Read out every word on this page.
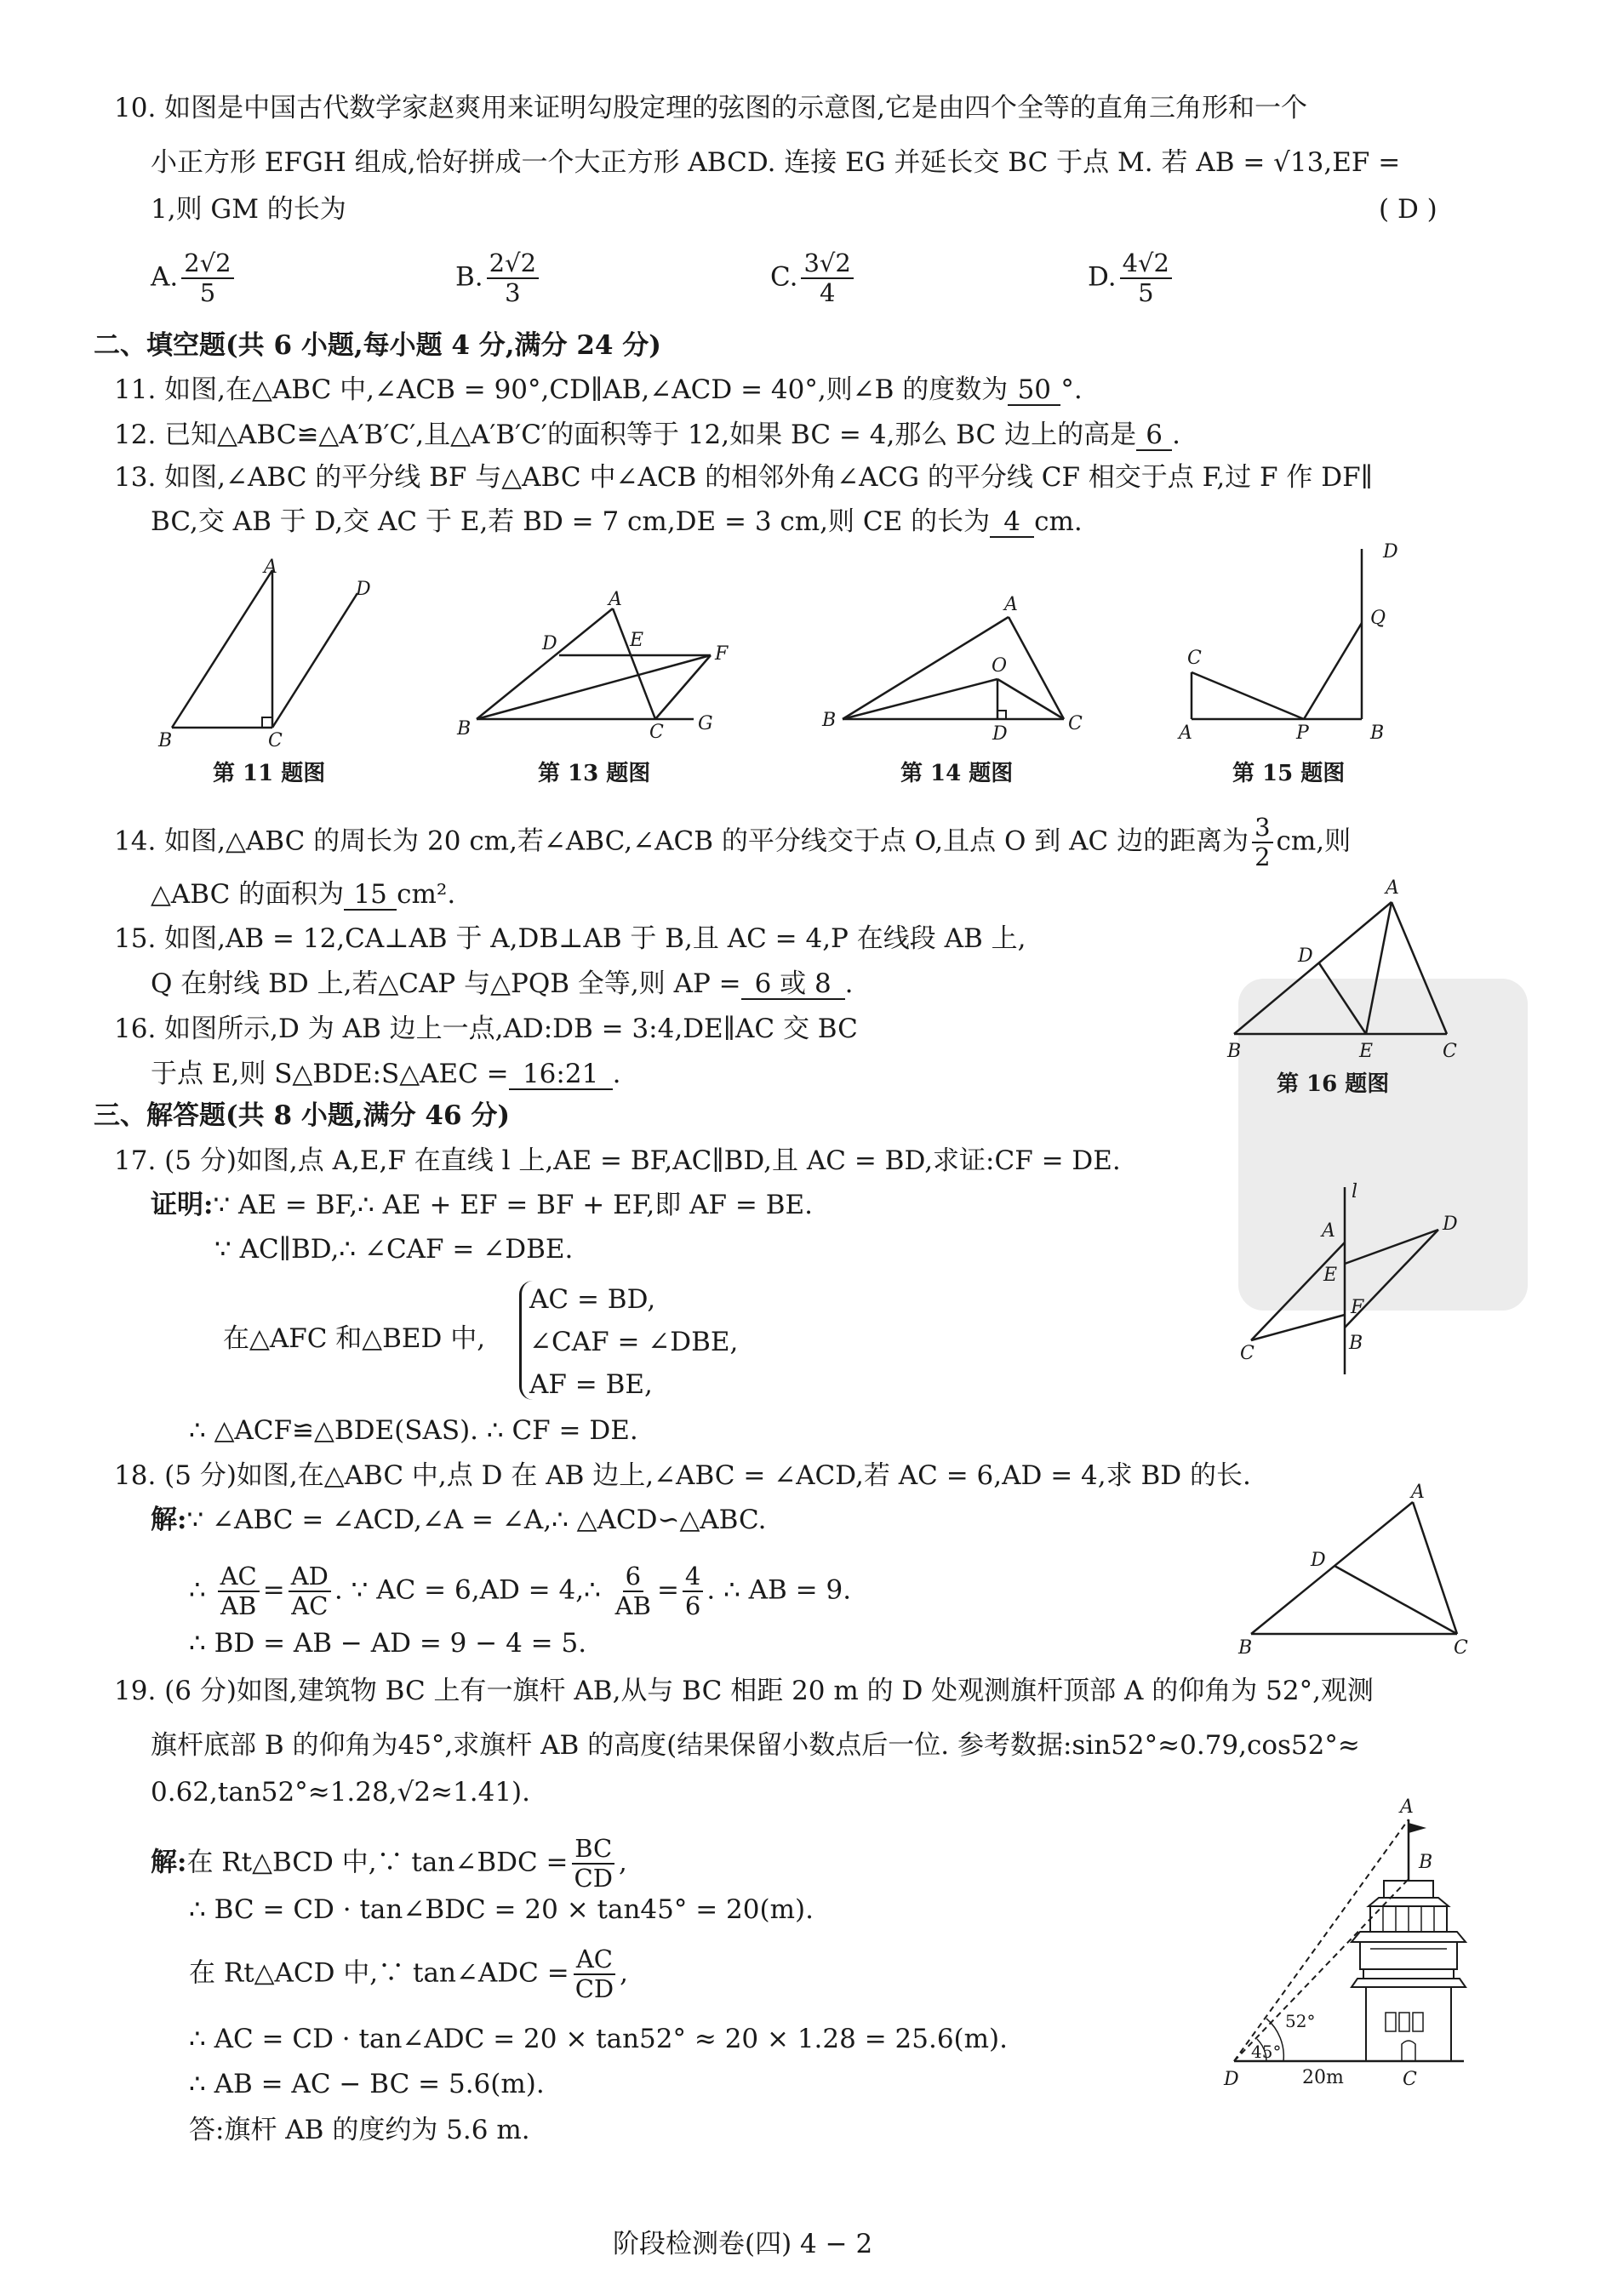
10. 如图是中国古代数学家赵爽用来证明勾股定理的弦图的示意图,它是由四个全等的直角三角形和一个
小正方形 EFGH 组成,恰好拼成一个大正方形 ABCD. 连接 EG 并延长交 BC 于点 M. 若 AB = √13,EF =
1,则 GM 的长为	( D )
A. $\frac{2√2}{5}$	B. $\frac{2√2}{3}$	C. $\frac{3√2}{4}$	D. $\frac{4√2}{5}$
二、填空题(共 6 小题,每小题 4 分,满分 24 分)
11. 如图,在△ABC 中,∠ACB = 90°,CD∥AB,∠ACD = 40°,则∠B 的度数为 50 °.
12. 已知△ABC≌△A′B′C′,且△A′B′C′的面积等于 12,如果 BC = 4,那么 BC 边上的高是 6 .
13. 如图,∠ABC 的平分线 BF 与△ABC 中∠ACB 的相邻外角∠ACG 的平分线 CF 相交于点 F,过 F 作 DF∥
BC,交 AB 于 D,交 AC 于 E,若 BD = 7 cm,DE = 3 cm,则 CE 的长为 4 cm.
A
D
B	C
第 11 题图
A
D	E
F
B	C G
第 13 题图
A
O
B	C
D
第 14 题图
D
Q
C
A	P	B
第 15 题图
14. 如图,△ABC 的周长为 20 cm,若∠ABC,∠ACB 的平分线交于点 O,且点 O 到 AC 边的距离为 $\frac{3}{2}$ cm,则
△ABC 的面积为 15 cm².
15. 如图,AB = 12,CA⊥AB 于 A,DB⊥AB 于 B,且 AC = 4,P 在线段 AB 上,
Q 在射线 BD 上,若△CAP 与△PQB 全等,则 AP = 6 或 8 .
16. 如图所示,D 为 AB 边上一点,AD:DB = 3:4,DE∥AC 交 BC
于点 E,则 S△BDE:S△AEC = 16:21 .
A
D
B	E	C
第 16 题图
三、解答题(共 8 小题,满分 46 分)
17. (5 分)如图,点 A,E,F 在直线 l 上,AE = BF,AC∥BD,且 AC = BD,求证:CF = DE.
证明:∵ AE = BF,∴ AE + EF = BF + EF,即 AF = BE.
∵ AC∥BD,∴ ∠CAF = ∠DBE.
在△AFC 和△BED 中,
AC = BD,
∠CAF = ∠DBE,
AF = BE,
∴ △ACF≌△BDE(SAS). ∴ CF = DE.
l
A	D
E
F
B
C
18. (5 分)如图,在△ABC 中,点 D 在 AB 边上,∠ABC = ∠ACD,若 AC = 6,AD = 4,求 BD 的长.
解:∵ ∠ABC = ∠ACD,∠A = ∠A,∴ △ACD∽△ABC.
∴ $\frac{AC}{AB} = \frac{AD}{AC}$ . ∵ AC = 6,AD = 4,∴ $\frac{6}{AB} = \frac{4}{6}$ . ∴ AB = 9.
∴ BD = AB − AD = 9 − 4 = 5.
A
D
B	C
19. (6 分)如图,建筑物 BC 上有一旗杆 AB,从与 BC 相距 20 m 的 D 处观测旗杆顶部 A 的仰角为 52°,观测
旗杆底部 B 的仰角为45°,求旗杆 AB 的高度(结果保留小数点后一位. 参考数据:sin52°≈0.79,cos52°≈
0.62,tan52°≈1.28,√2≈1.41).
解:在 Rt△BCD 中,∵ tan∠BDC = $\frac{BC}{CD}$ ,
∴ BC = CD · tan∠BDC = 20 × tan45° = 20(m).
在 Rt△ACD 中,∵ tan∠ADC = $\frac{AC}{CD}$ ,
∴ AC = CD · tan∠ADC = 20 × tan52° ≈ 20 × 1.28 = 25.6(m).
∴ AB = AC − BC = 5.6(m).
答:旗杆 AB 的度约为 5.6 m.
45°
52°
A
B
D	C
20m
阶段检测卷(四) 4 − 2
